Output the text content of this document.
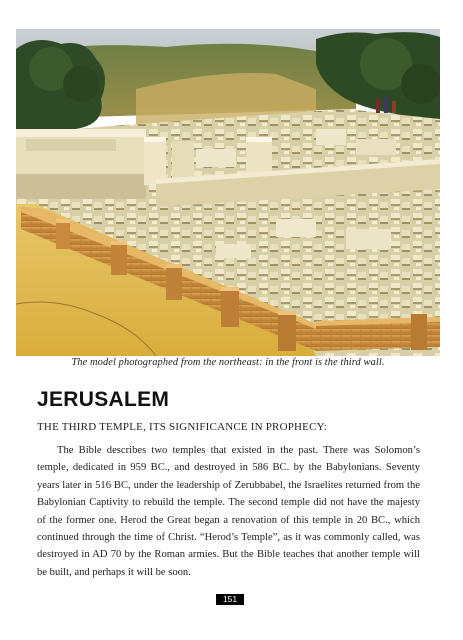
The model photographed from the northeast: in the front is the third wall.
JERUSALEM

THE THIRD TEMPLE, ITS SIGNIFICANCE IN PROPHECY:

The Bible describes two temples that existed in the past. There was Solomon’s temple, dedicated in 959 BC., and destroyed in 586 BC. by the Babylonians. Seventy years later in 516 BC, under the leadership of Zerubbabel, the Israelites returned from the Babylonian Captivity to rebuild the temple. The second temple did not have the majesty of the former one. Herod the Great began a renovation of this temple in 20 BC., which continued through the time of Christ. “Herod’s Temple”, as it was commonly called, was destroyed in AD 70 by the Roman armies. But the Bible teaches that another temple will be built, and perhaps it will be soon.

151
